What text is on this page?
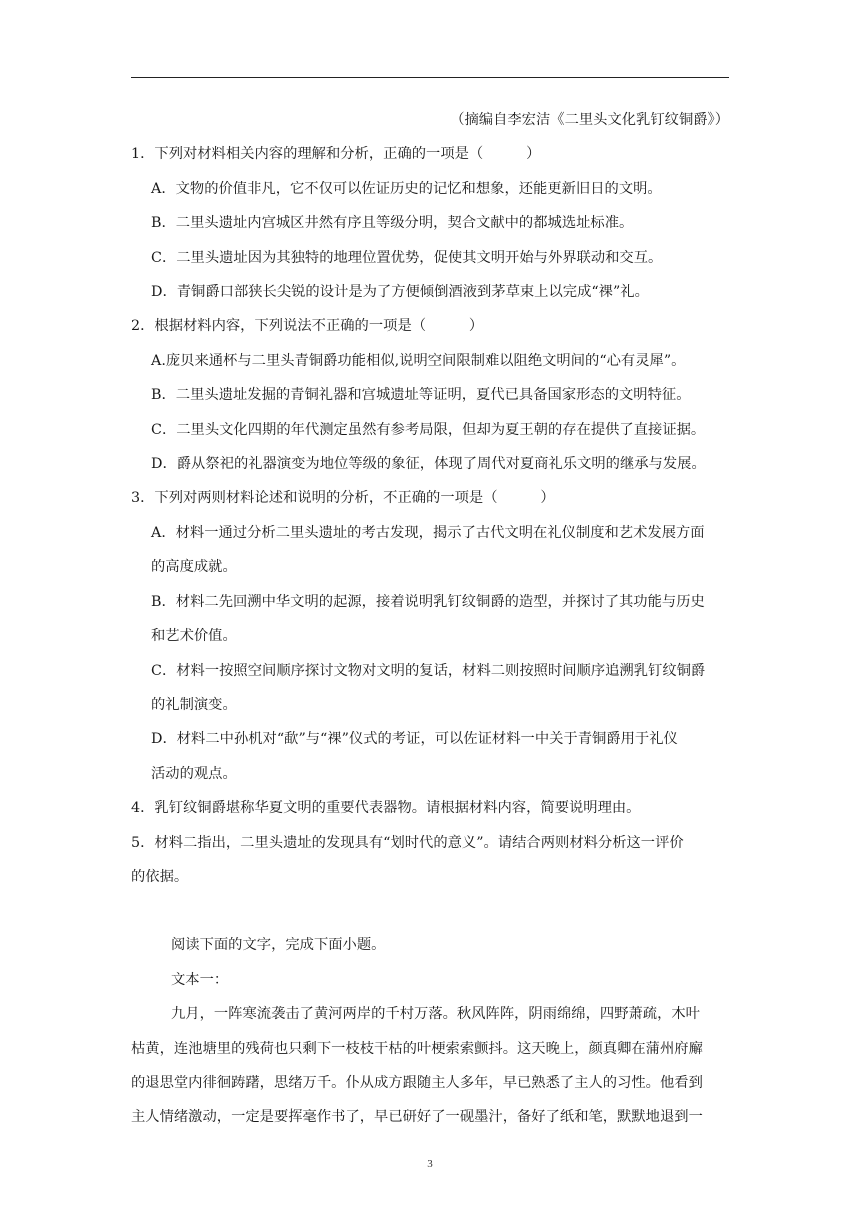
（摘编自李宏洁《二里头文化乳钉纹铜爵》）
1．下列对材料相关内容的理解和分析，正确的一项是（　　　）
A．文物的价值非凡，它不仅可以佐证历史的记忆和想象，还能更新旧日的文明。
B．二里头遗址内宫城区井然有序且等级分明，契合文献中的都城选址标准。
C．二里头遗址因为其独特的地理位置优势，促使其文明开始与外界联动和交互。
D．青铜爵口部狭长尖锐的设计是为了方便倾倒酒液到茅草束上以完成“祼”礼。
2．根据材料内容，下列说法不正确的一项是（　　　）
A.庞贝来通杯与二里头青铜爵功能相似,说明空间限制难以阻绝文明间的“心有灵犀”。
B．二里头遗址发掘的青铜礼器和宫城遗址等证明，夏代已具备国家形态的文明特征。
C．二里头文化四期的年代测定虽然有参考局限，但却为夏王朝的存在提供了直接证据。
D．爵从祭祀的礼器演变为地位等级的象征，体现了周代对夏商礼乐文明的继承与发展。
3．下列对两则材料论述和说明的分析，不正确的一项是（　　　）
A．材料一通过分析二里头遗址的考古发现，揭示了古代文明在礼仪制度和艺术发展方面
的高度成就。
B．材料二先回溯中华文明的起源，接着说明乳钉纹铜爵的造型，并探讨了其功能与历史
和艺术价值。
C．材料一按照空间顺序探讨文物对文明的复话，材料二则按照时间顺序追溯乳钉纹铜爵
的礼制演变。
D．材料二中孙机对“歃”与“祼”仪式的考证，可以佐证材料一中关于青铜爵用于礼仪
活动的观点。
4．乳钉纹铜爵堪称华夏文明的重要代表器物。请根据材料内容，简要说明理由。
5．材料二指出，二里头遗址的发现具有“划时代的意义”。请结合两则材料分析这一评价
的依据。
阅读下面的文字，完成下面小题。
文本一：
九月，一阵寒流袭击了黄河两岸的千村万落。秋风阵阵，阴雨绵绵，四野萧疏，木叶
枯黄，连池塘里的残荷也只剩下一枝枝干枯的叶梗索索颤抖。这天晚上，颜真卿在蒲州府廨
的退思堂内徘徊踌躇，思绪万千。仆从成方跟随主人多年，早已熟悉了主人的习性。他看到
主人情绪激动，一定是要挥毫作书了，早已研好了一砚墨汁，备好了纸和笔，默默地退到一
3
